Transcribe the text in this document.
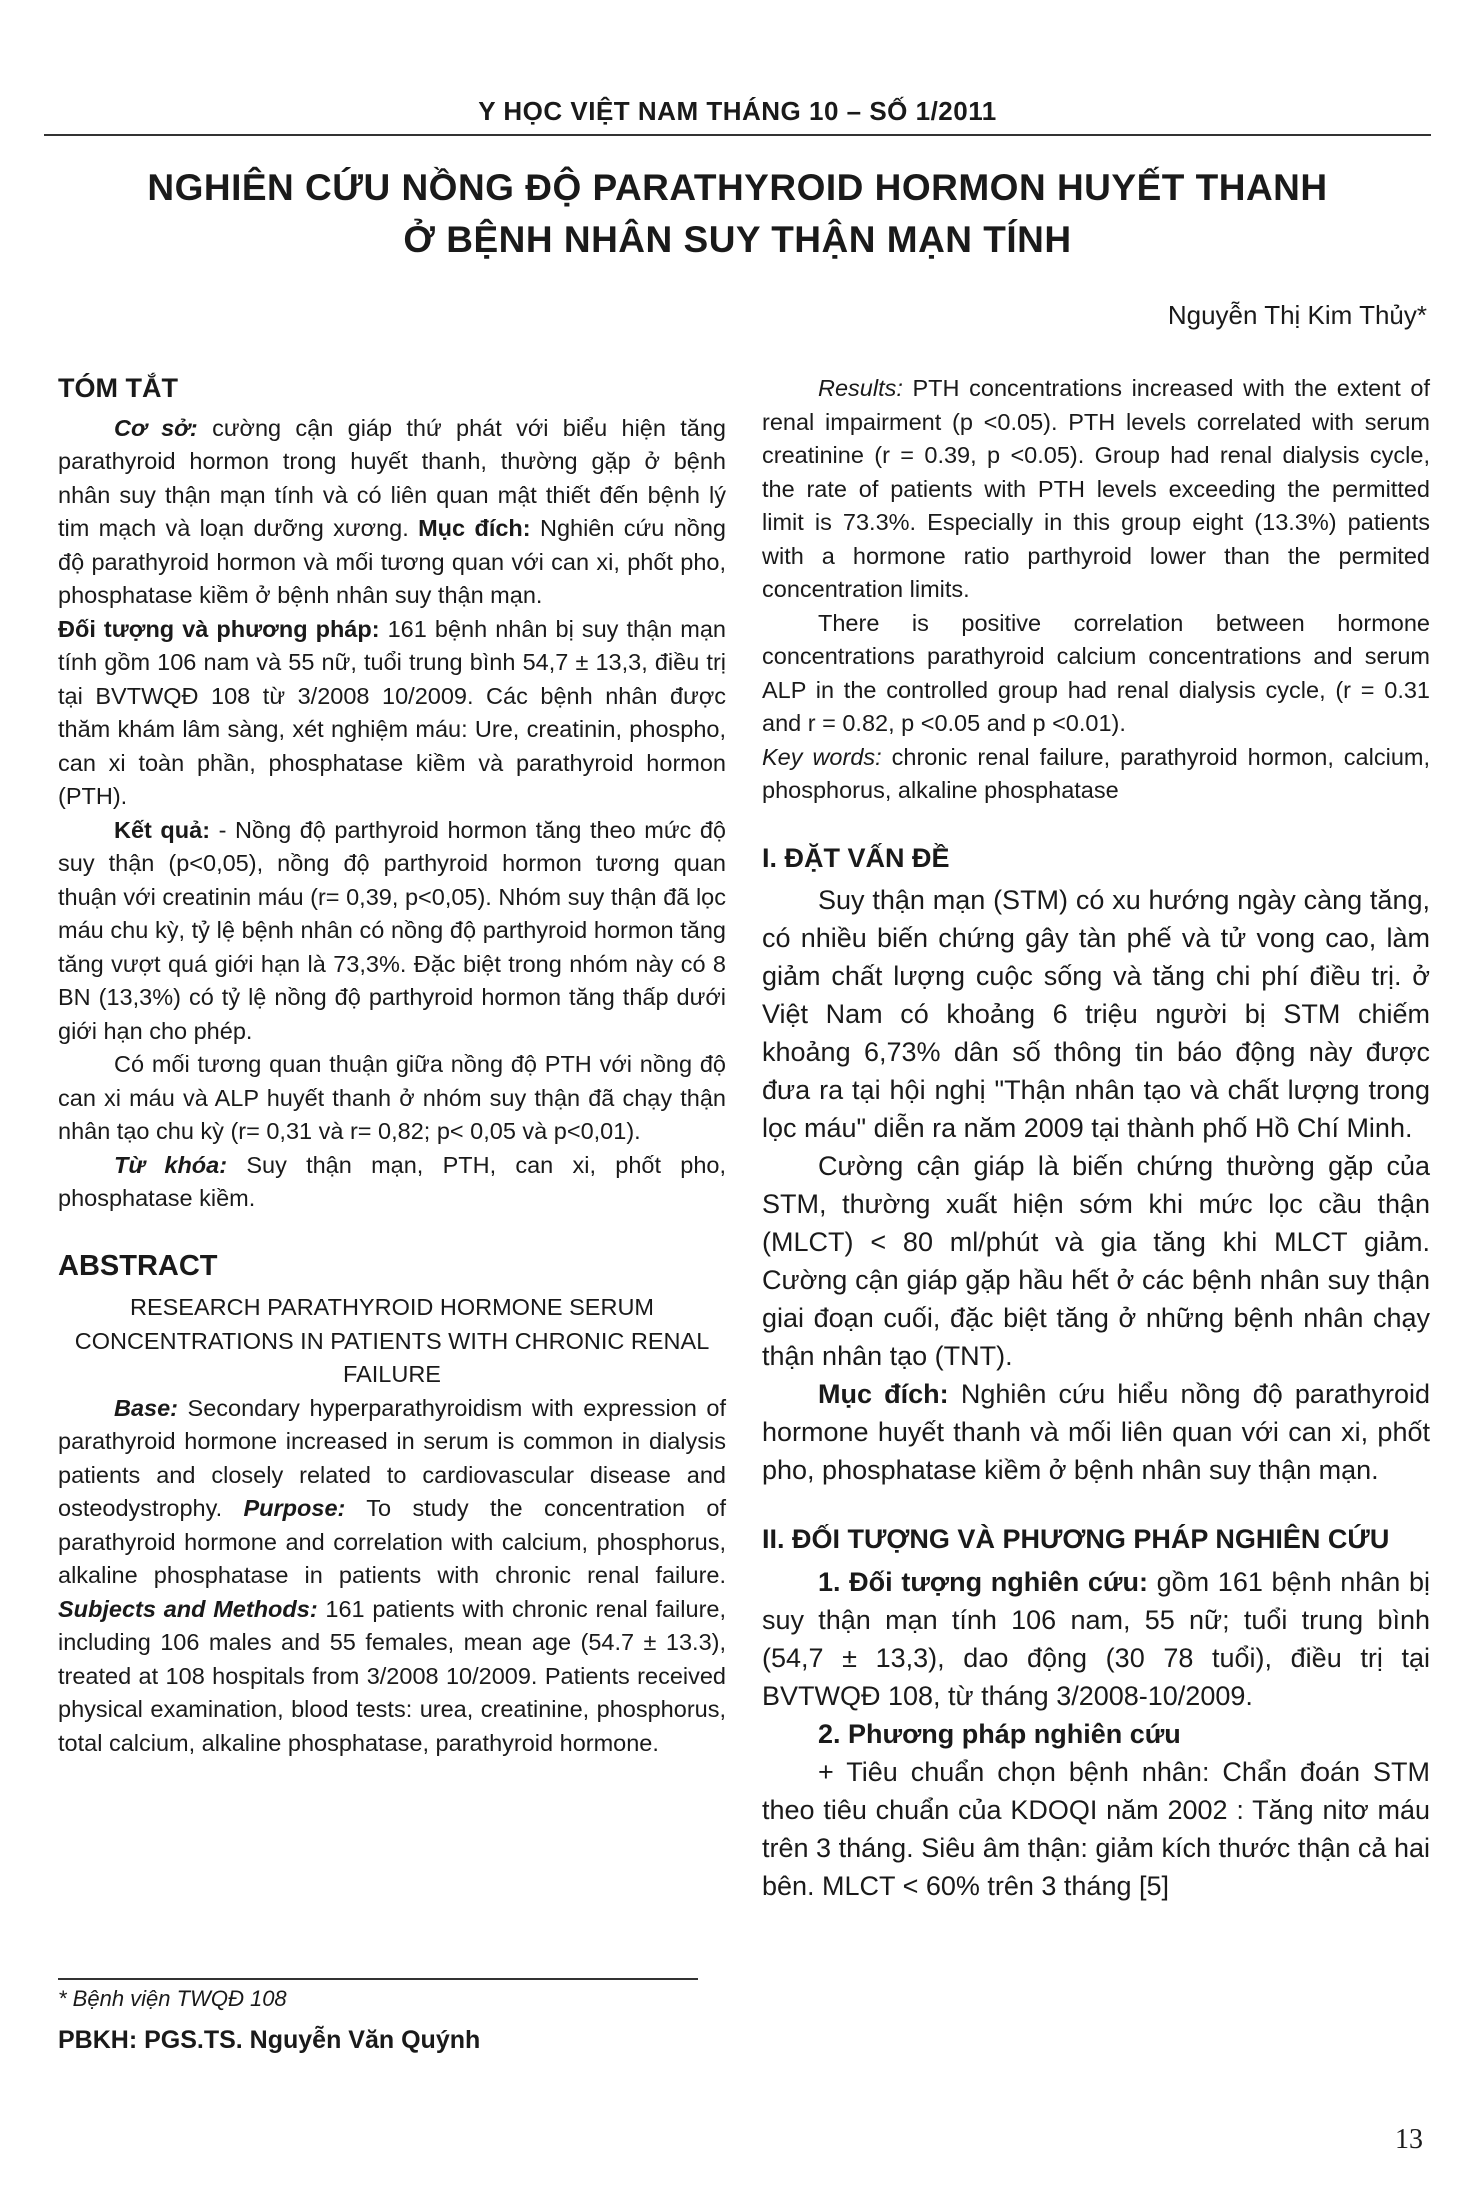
Y HỌC VIỆT NAM THÁNG 10 – SỐ 1/2011
NGHIÊN CỨU NỒNG ĐỘ PARATHYROID HORMON HUYẾT THANH
Ở BỆNH NHÂN SUY THẬN MẠN TÍNH
Nguyễn Thị Kim Thủy*
TÓM TẮT

Cơ sở: cường cận giáp thứ phát với biểu hiện tăng parathyroid hormon trong huyết thanh, thường gặp ở bệnh nhân suy thận mạn tính và có liên quan mật thiết đến bệnh lý tim mạch và loạn dưỡng xương. Mục đích: Nghiên cứu nồng độ parathyroid hormon và mối tương quan với can xi, phốt pho, phosphatase kiềm ở bệnh nhân suy thận mạn.

Đối tượng và phương pháp: 161 bệnh nhân bị suy thận mạn tính gồm 106 nam và 55 nữ, tuổi trung bình 54,7 ± 13,3, điều trị tại BVTWQĐ 108 từ 3/2008 10/2009. Các bệnh nhân được thăm khám lâm sàng, xét nghiệm máu: Ure, creatinin, phospho, can xi toàn phần, phosphatase kiềm và parathyroid hormon (PTH).

Kết quả: - Nồng độ parthyroid hormon tăng theo mức độ suy thận (p<0,05), nồng độ parthyroid hormon tương quan thuận với creatinin máu (r= 0,39, p<0,05). Nhóm suy thận đã lọc máu chu kỳ, tỷ lệ bệnh nhân có nồng độ parthyroid hormon tăng tăng vượt quá giới hạn là 73,3%. Đặc biệt trong nhóm này có 8 BN (13,3%) có tỷ lệ nồng độ parthyroid hormon tăng thấp dưới giới hạn cho phép.

Có mối tương quan thuận giữa nồng độ PTH với nồng độ can xi máu và ALP huyết thanh ở nhóm suy thận đã chạy thận nhân tạo chu kỳ (r= 0,31 và r= 0,82; p< 0,05 và p<0,01).

Từ khóa: Suy thận mạn, PTH, can xi, phốt pho, phosphatase kiềm.

ABSTRACT

RESEARCH PARATHYROID HORMONE SERUM CONCENTRATIONS IN PATIENTS WITH CHRONIC RENAL FAILURE

Base: Secondary hyperparathyroidism with expression of parathyroid hormone increased in serum is common in dialysis patients and closely related to cardiovascular disease and osteodystrophy. Purpose: To study the concentration of parathyroid hormone and correlation with calcium, phosphorus, alkaline phosphatase in patients with chronic renal failure. Subjects and Methods: 161 patients with chronic renal failure, including 106 males and 55 females, mean age (54.7 ± 13.3), treated at 108 hospitals from 3/2008 10/2009. Patients received physical examination, blood tests: urea, creatinine, phosphorus, total calcium, alkaline phosphatase, parathyroid hormone.

Results: PTH concentrations increased with the extent of renal impairment (p <0.05). PTH levels correlated with serum creatinine (r = 0.39, p <0.05). Group had renal dialysis cycle, the rate of patients with PTH levels exceeding the permitted limit is 73.3%. Especially in this group eight (13.3%) patients with a hormone ratio parthyroid lower than the permited concentration limits.

There is positive correlation between hormone concentrations parathyroid calcium concentrations and serum ALP in the controlled group had renal dialysis cycle, (r = 0.31 and r = 0.82, p <0.05 and p <0.01).

Key words: chronic renal failure, parathyroid hormon, calcium, phosphorus, alkaline phosphatase

I. ĐẶT VẤN ĐỀ

Suy thận mạn (STM) có xu hướng ngày càng tăng, có nhiều biến chứng gây tàn phế và tử vong cao, làm giảm chất lượng cuộc sống và tăng chi phí điều trị. ở Việt Nam có khoảng 6 triệu người bị STM chiếm khoảng 6,73% dân số thông tin báo động này được đưa ra tại hội nghị "Thận nhân tạo và chất lượng trong lọc máu" diễn ra năm 2009 tại thành phố Hồ Chí Minh.

Cường cận giáp là biến chứng thường gặp của STM, thường xuất hiện sớm khi mức lọc cầu thận (MLCT) < 80 ml/phút và gia tăng khi MLCT giảm. Cường cận giáp gặp hầu hết ở các bệnh nhân suy thận giai đoạn cuối, đặc biệt tăng ở những bệnh nhân chạy thận nhân tạo (TNT).

Mục đích: Nghiên cứu hiểu nồng độ parathyroid hormone huyết thanh và mối liên quan với can xi, phốt pho, phosphatase kiềm ở bệnh nhân suy thận mạn.

II. ĐỐI TƯỢNG VÀ PHƯƠNG PHÁP NGHIÊN CỨU

1. Đối tượng nghiên cứu: gồm 161 bệnh nhân bị suy thận mạn tính 106 nam, 55 nữ; tuổi trung bình (54,7 ± 13,3), dao động (30 78 tuổi), điều trị tại BVTWQĐ 108, từ tháng 3/2008-10/2009.

2. Phương pháp nghiên cứu

+ Tiêu chuẩn chọn bệnh nhân: Chẩn đoán STM theo tiêu chuẩn của KDOQI năm 2002 : Tăng nitơ máu trên 3 tháng. Siêu âm thận: giảm kích thước thận cả hai bên. MLCT < 60% trên 3 tháng [5]

* Bệnh viện TWQĐ 108
PBKH: PGS.TS. Nguyễn Văn Quýnh
13
